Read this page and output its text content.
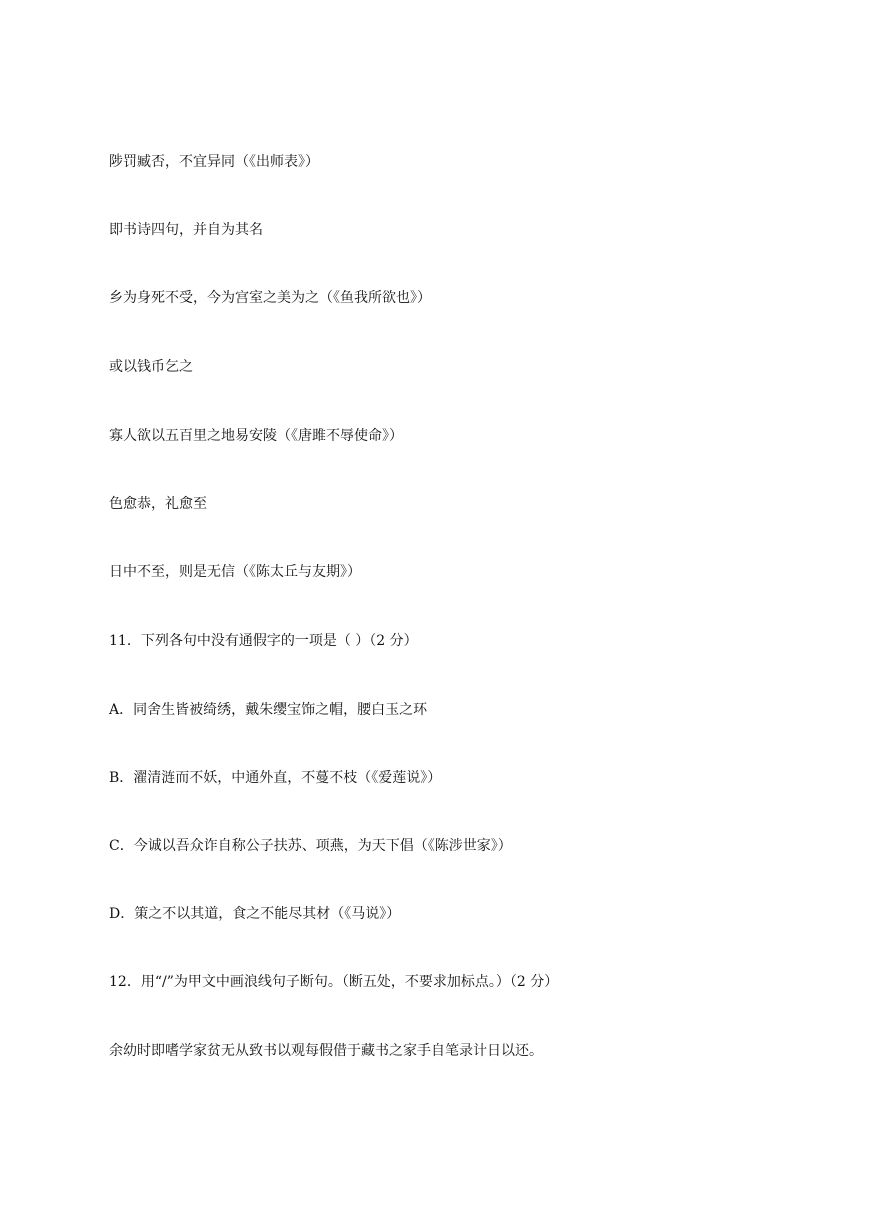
陟罚臧否，不宜异同（《出师表》）

即书诗四句，并自为其名

乡为身死不受，今为宫室之美为之（《鱼我所欲也》）

或以钱币乞之

寡人欲以五百里之地易安陵（《唐雎不辱使命》）

色愈恭，礼愈至

日中不至，则是无信（《陈太丘与友期》）

11．下列各句中没有通假字的一项是（ ）（2 分）

A．同舍生皆被绮绣，戴朱缨宝饰之帽，腰白玉之环

B．濯清涟而不妖，中通外直，不蔓不枝（《爱莲说》）

C．今诚以吾众诈自称公子扶苏、项燕，为天下倡（《陈涉世家》）

D．策之不以其道，食之不能尽其材（《马说》）

12．用“/”为甲文中画浪线句子断句。（断五处，不要求加标点。）（2 分）

余幼时即嗜学家贫无从致书以观每假借于藏书之家手自笔录计日以还。
